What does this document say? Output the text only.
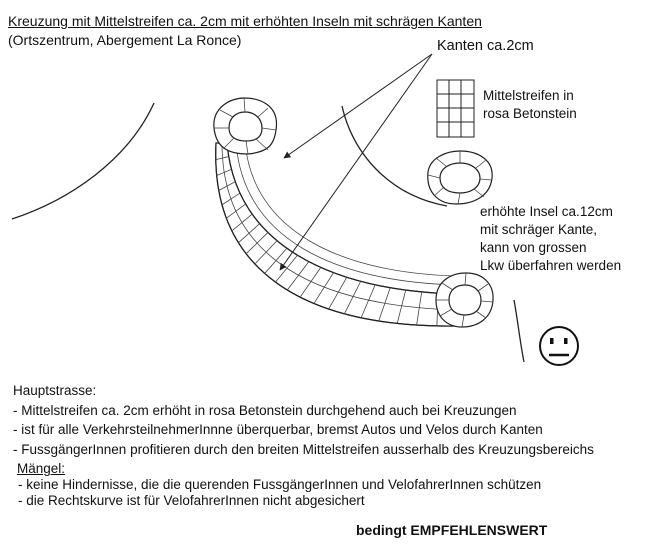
Kreuzung mit Mittelstreifen ca. 2cm mit erhöhten Inseln mit schrägen Kanten
(Ortszentrum, Abergement La Ronce)	Kanten ca.2cm
Mittelstreifen in
rosa Betonstein
erhöhte Insel ca.12cm
mit schräger Kante,
kann von grossen
Lkw überfahren werden
Hauptstrasse:
- Mittelstreifen ca. 2cm erhöht in rosa Betonstein durchgehend auch bei Kreuzungen
- ist für alle VerkehrsteilnehmerInnne überquerbar, bremst Autos und Velos durch Kanten
- FussgängerInnen profitieren durch den breiten Mittelstreifen ausserhalb des Kreuzungsbereichs
Mängel:
- keine Hindernisse, die die querenden FussgängerInnen und VelofahrerInnen schützen
- die Rechtskurve ist für VelofahrerInnen nicht abgesichert
bedingt EMPFEHLENSWERT
